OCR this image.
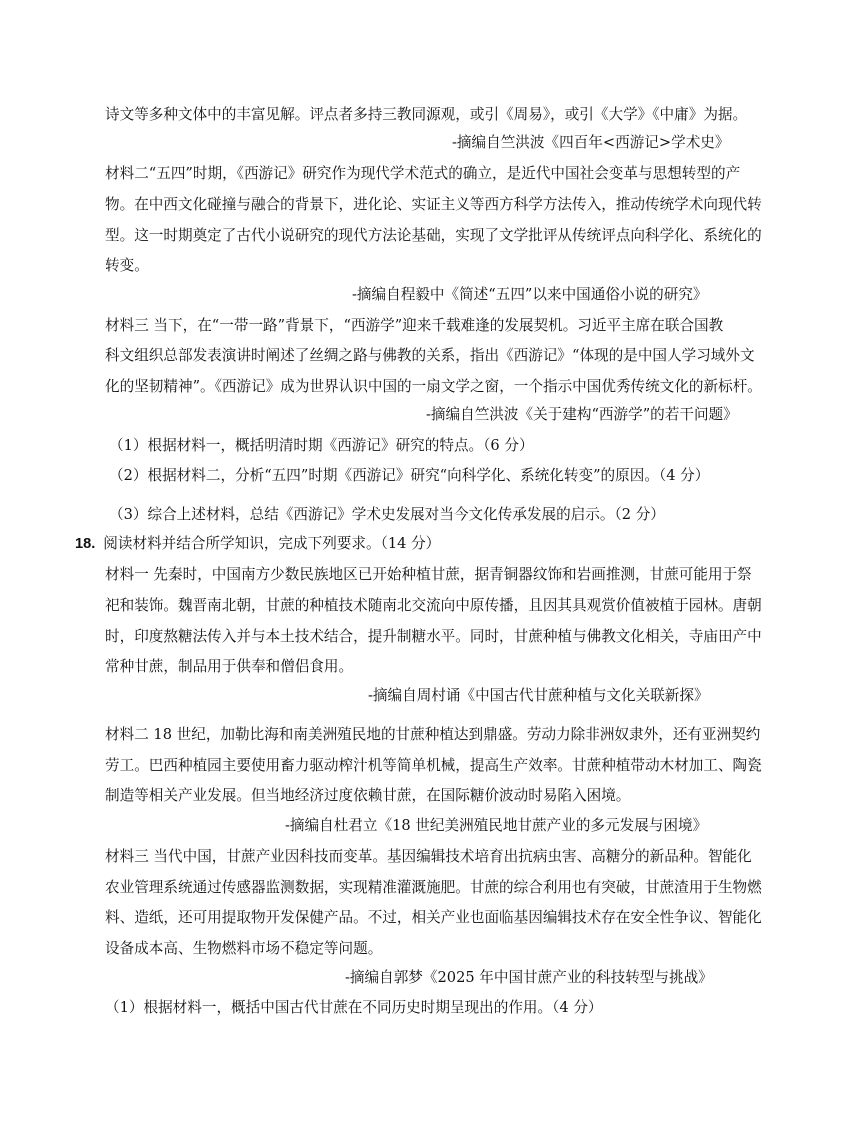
诗文等多种文体中的丰富见解。评点者多持三教同源观，或引《周易》，或引《大学》《中庸》为据。
-摘编自竺洪波《四百年<西游记>学术史》
材料二“五四”时期，《西游记》研究作为现代学术范式的确立，是近代中国社会变革与思想转型的产
物。在中西文化碰撞与融合的背景下，进化论、实证主义等西方科学方法传入，推动传统学术向现代转
型。这一时期奠定了古代小说研究的现代方法论基础，实现了文学批评从传统评点向科学化、系统化的
转变。
-摘编自程毅中《简述“五四”以来中国通俗小说的研究》
材料三 当下，在“一带一路”背景下，“西游学”迎来千载难逢的发展契机。习近平主席在联合国教
科文组织总部发表演讲时阐述了丝绸之路与佛教的关系，指出《西游记》“体现的是中国人学习域外文
化的坚韧精神”。《西游记》成为世界认识中国的一扇文学之窗，一个指示中国优秀传统文化的新标杆。
-摘编自竺洪波《关于建构“西游学”的若干问题》
（1）根据材料一，概括明清时期《西游记》研究的特点。（6 分）
（2）根据材料二，分析“五四”时期《西游记》研究“向科学化、系统化转变”的原因。（4 分）
（3）综合上述材料，总结《西游记》学术史发展对当今文化传承发展的启示。（2 分）
18. 阅读材料并结合所学知识，完成下列要求。（14 分）
材料一 先秦时，中国南方少数民族地区已开始种植甘蔗，据青铜器纹饰和岩画推测，甘蔗可能用于祭
祀和装饰。魏晋南北朝，甘蔗的种植技术随南北交流向中原传播，且因其具观赏价值被植于园林。唐朝
时，印度熬糖法传入并与本土技术结合，提升制糖水平。同时，甘蔗种植与佛教文化相关，寺庙田产中
常种甘蔗，制品用于供奉和僧侣食用。
-摘编自周村诵《中国古代甘蔗种植与文化关联新探》
材料二 18 世纪，加勒比海和南美洲殖民地的甘蔗种植达到鼎盛。劳动力除非洲奴隶外，还有亚洲契约
劳工。巴西种植园主要使用畜力驱动榨汁机等简单机械，提高生产效率。甘蔗种植带动木材加工、陶瓷
制造等相关产业发展。但当地经济过度依赖甘蔗，在国际糖价波动时易陷入困境。
-摘编自杜君立《18 世纪美洲殖民地甘蔗产业的多元发展与困境》
材料三 当代中国，甘蔗产业因科技而变革。基因编辑技术培育出抗病虫害、高糖分的新品种。智能化
农业管理系统通过传感器监测数据，实现精准灌溉施肥。甘蔗的综合利用也有突破，甘蔗渣用于生物燃
料、造纸，还可用提取物开发保健产品。不过，相关产业也面临基因编辑技术存在安全性争议、智能化
设备成本高、生物燃料市场不稳定等问题。
-摘编自郭梦《2025 年中国甘蔗产业的科技转型与挑战》
（1）根据材料一，概括中国古代甘蔗在不同历史时期呈现出的作用。（4 分）
